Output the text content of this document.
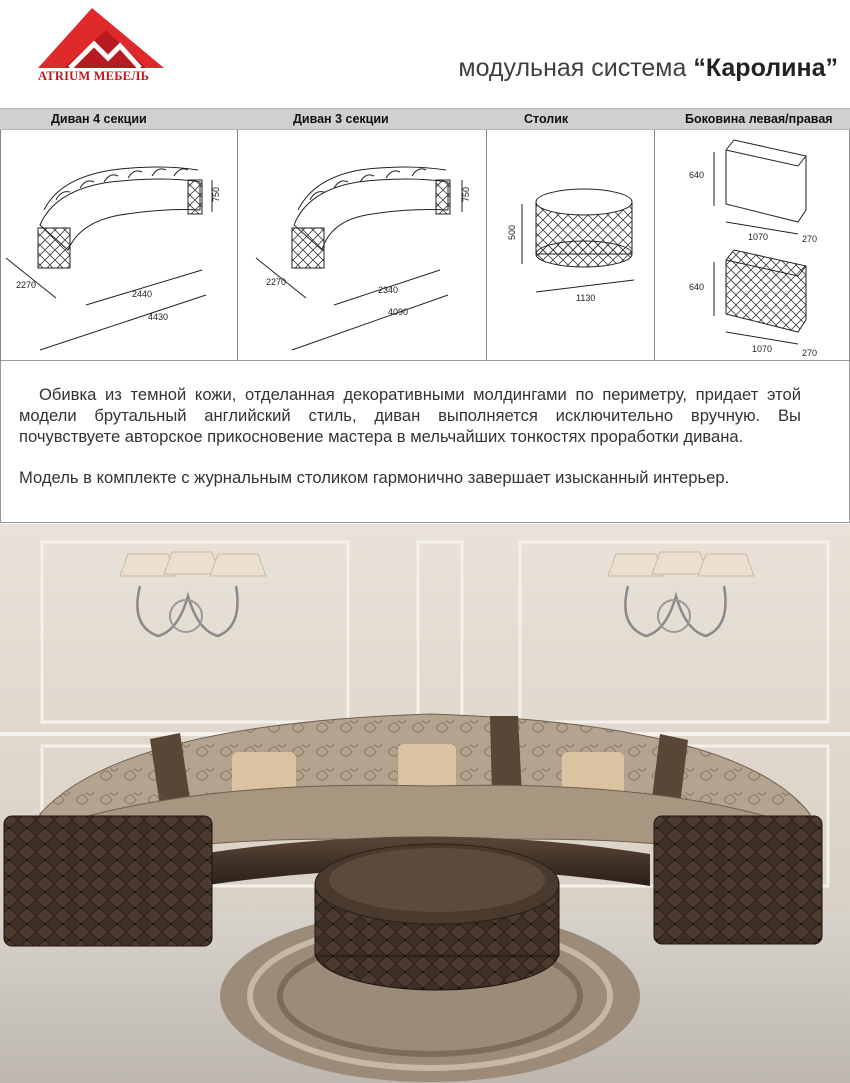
ATRIUM МЕБЕЛЬ	модульная система “Каролина”
Диван 4 секции	Диван 3 секции	Столик	Боковина левая/правая
750
2270
2440
4430
750
2270
2340
4090
500
1130
640
1070	270
640
1070	270

Обивка из темной кожи, отделанная декоративными молдингами по периметру, придает этой модели брутальный английский стиль, диван выполняется исключительно вручную. Вы почувствуете авторское прикосновение мастера в мельчайших тонкостях проработки дивана.

Модель в комплекте с журнальным столиком гармонично завершает изысканный интерьер.
